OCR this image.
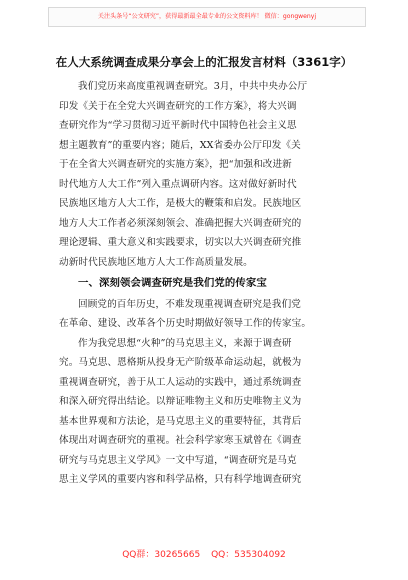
关注头条号“公文研究”，获得最新最全最专业的公文资料库！ 微信：gongwenyj
在人大系统调查成果分享会上的汇报发言材料（3361字）
我们党历来高度重视调查研究。3月，中共中央办公厅
印发《关于在全党大兴调查研究的工作方案》，将大兴调
查研究作为“学习贯彻习近平新时代中国特色社会主义思
想主题教育”的重要内容；随后，XX省委办公厅印发《关
于在全省大兴调查研究的实施方案》，把“加强和改进新
时代地方人大工作”列入重点调研内容。这对做好新时代
民族地区地方人大工作，是极大的鞭策和启发。民族地区
地方人大工作者必须深刻领会、准确把握大兴调查研究的
理论逻辑、重大意义和实践要求，切实以大兴调查研究推
动新时代民族地区地方人大工作高质量发展。
一、深刻领会调查研究是我们党的传家宝
回顾党的百年历史，不难发现重视调查研究是我们党
在革命、建设、改革各个历史时期做好领导工作的传家宝。
作为我党思想“火种”的马克思主义，来源于调查研
究。马克思、恩格斯从投身无产阶级革命运动起，就极为
重视调查研究，善于从工人运动的实践中，通过系统调查
和深入研究得出结论。以辩证唯物主义和历史唯物主义为
基本世界观和方法论，是马克思主义的重要特征，其背后
体现出对调查研究的重视。社会科学家寒玉斌曾在《调查
研究与马克思主义学风》一文中写道，“调查研究是马克
思主义学风的重要内容和科学品格，只有科学地调查研究
QQ群：30265665 QQ：535304092
